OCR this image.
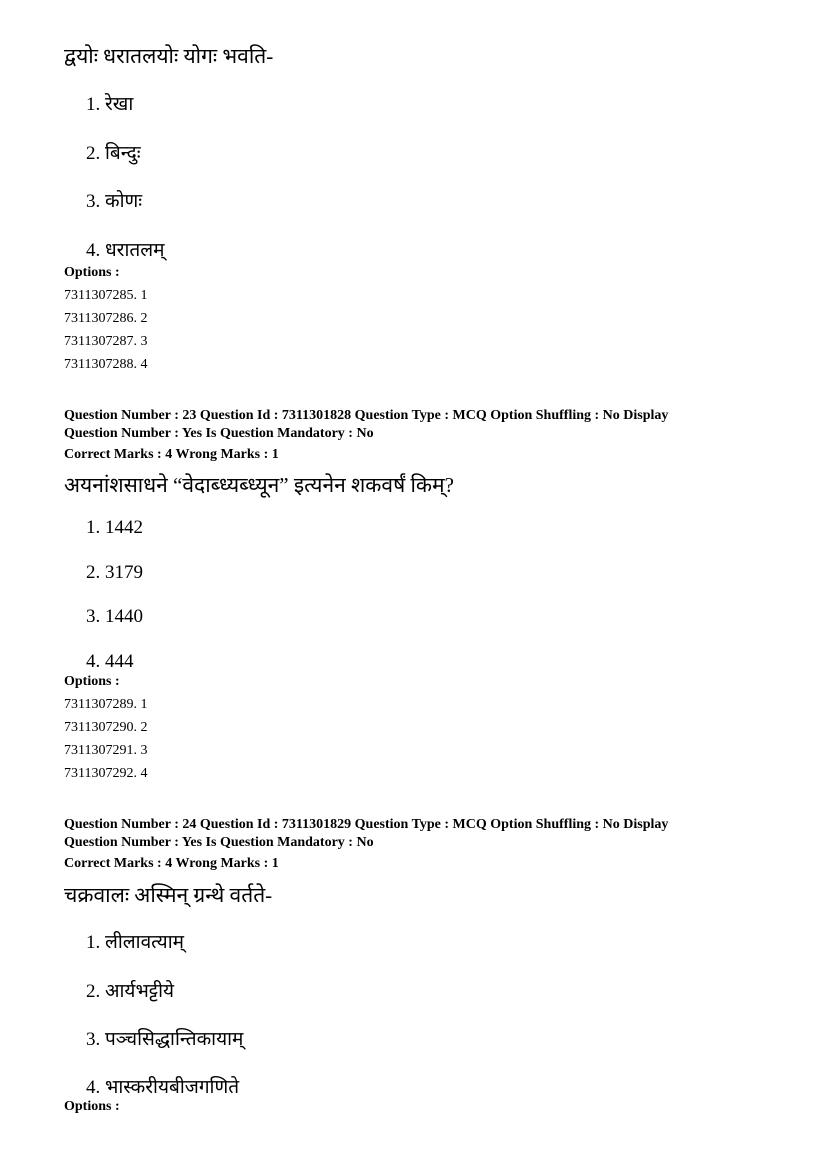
द्वयोः धरातलयोः योगः भवति-
1. रेखा
2. बिन्दुः
3. कोणः
4. धरातलम्
Options :
7311307285. 1
7311307286. 2
7311307287. 3
7311307288. 4
Question Number : 23 Question Id : 7311301828 Question Type : MCQ Option Shuffling : No Display
Question Number : Yes Is Question Mandatory : No
Correct Marks : 4 Wrong Marks : 1
अयनांशसाधने “वेदाब्ध्यब्ध्यून” इत्यनेन शकवर्षं किम्?
1. 1442
2. 3179
3. 1440
4. 444
Options :
7311307289. 1
7311307290. 2
7311307291. 3
7311307292. 4
Question Number : 24 Question Id : 7311301829 Question Type : MCQ Option Shuffling : No Display
Question Number : Yes Is Question Mandatory : No
Correct Marks : 4 Wrong Marks : 1
चक्रवालः अस्मिन् ग्रन्थे वर्तते-
1. लीलावत्याम्
2. आर्यभट्टीये
3. पञ्चसिद्धान्तिकायाम्
4. भास्करीयबीजगणिते
Options :
